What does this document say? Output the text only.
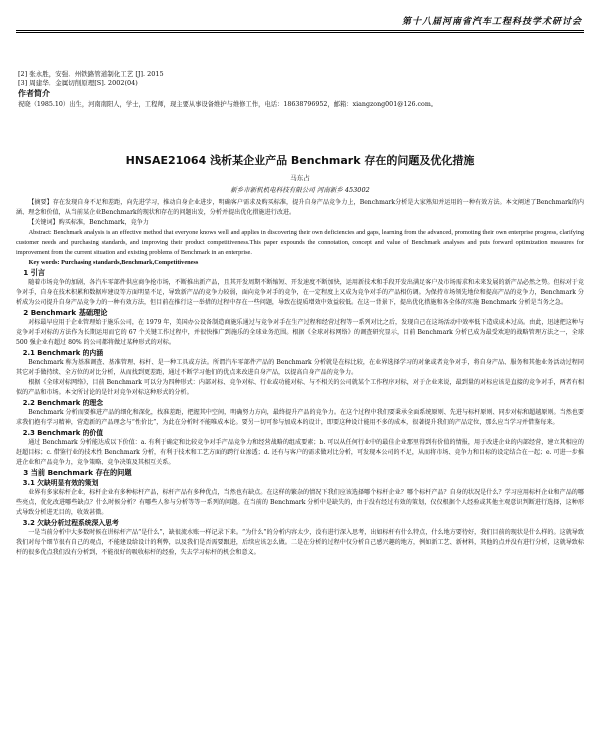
第十八届河南省汽车工程科技学术研讨会
[2] 张永胜，安强．州铁路管道制化工艺 [J]. 2015
[3] 周建华．金属切削原理[S]. 2002(04)
作者简介
祝晓（1985.10）出生，河南南阳人，学士，工程师，现主要从事设备维护与维修工作，电话：18638796952，邮箱：xiangzong001@126.com。
HNSAE21064 浅析某企业产品 Benchmark 存在的问题及优化措施
马东占
新乡市新机机电科技有限公司 河南新乡 453002

【摘要】存在发现自身不足和差距，向先进学习，推动自身企业进步，明确客户需求及购买标准，提升自身产品竞争力上，Benchmark分析是大家熟知并运用的一种有效方法。本文阐述了Benchmark的内涵、理念和价值，从当前某企业Benchmark的现状和存在的问题出发，分析并提出优化措施进行改进。

【关键词】购买标准，Benchmark，竞争力

Abstract: Benchmark analysis is an effective method that everyone knows well and applies in discovering their own deficiencies and gaps, learning from the advanced, promoting their own enterprise progress, clarifying customer needs and purchasing standards, and improving their product competitiveness.This paper expounds the connotation, concept and value of Benchmark analyses and puts forward optimization measures for improvement from the current situation and existing problems of Benchmark in an enterprise.

Key words: Purchasing standards,Benchmark,Competitiveness

1 引言

随着市场竞争的加剧，各汽车零部件供应商争抢市场，不断推出新产品，且其开发周期不断缩短、开发速度不断加快，运用新技术和手段开发出满足客户及市场需求和未来发展的新产品必然之势。但标对于竞争对手，自身在技术积累和数据库建设等方面明显不足，导致新产品的竞争力较弱，面向竞争对手的竞争，在一定程度上又成为竞争对手的产品相仿调。为保持市场领先地位和提高产品的竞争力，Benchmark 分析成为公司提升自身产品竞争力的一种有效方法，但目前在推行这一举措的过程中存在一些问题，导致在提质增效中效益较低。在这一背景下，提出优化措施和各全体的实施 Benchmark 分析是当务之急。

2 Benchmark 基础理论

对标最早应用于企业管理始于施乐公司，在 1979 年，美国办公设备制造商施乐通过与竞争对手在生产过程和经营过程等一系列对比之后，发现自己在这场活动中效率低下造成成本过高。由此，迅速把这种与竞争对手对标的方法作为长期运用而它的 67 个关键工作过程中，并很快推广到施乐的全球业务范围。根据《全球对标网络》的调查研究显示，目前 Benchmark 分析已成为最受欢迎的战略管理方法之一，全球 500 强企业有超过 80% 的公司都将做过某种形式的对标。

2.1 Benchmark 的内涵

Benchmark 称为基准调查、基准管理、标杆、是一种工具或方法。所谓汽车零部件产品的 Benchmark 分析就是在标比较，在业界选择学习的对象或者竞争对手，将自身产品、服务和其他业务活动过程同其它对手做持续、全方位的对比分析，从而找到更差距，通过不断学习他们的优点来改进自身产品，以提高自身产品的竞争力。

根据《全球对标网络》，目前 Benchmark 可以分为四种形式：内部对标、竞争对标、行业或功能对标、与不相关的公司就某个工作程序对标，对于企业来说，最到量的对标应该是直接的竞争对手，两者有相似的产品和市场。本文所讨论的是针对竞争对标这种形式的分析。

2.2 Benchmark 的理念

Benchmark 分析而要推进产品的细化和深化，找准差距，把握其中空间，明确努力方向，最终提升产品的竞争力。在这个过程中我们要秉承全面系统原则、先进与标杆原则、同步对标和超越原则。当然也要求我们抱有学习精神，营造新的产品理念与“性价比”，为此在分析时不能唯成本论。要另一切可参与加成本的设计，即要这种设计能用不多的成本，很著提升我们的产品定位，那么应当学习并借鉴每来。

2.3 Benchmark 的价值

通过 Benchmark 分析能达成以下价值：a. 有利于确定和比较竞争对手产品竞争力和经营战略的组成要素；b. 可以从任何行业中的最佳企业那里得到有价值的情报，用于改进企业的内部经营，建立其相应的赶超目标；c. 借鉴行业的技术性 Benchmark 分析，有利于技术和工艺方面的跨行业渗透；d. 还有与客户的需求做对比分析，可发现本公司的不足，从而将市场、竞争力和目标的设定结合在一起；e. 可进一步推进企业和产品竞争力，竞争策略、竞争决策及其相互关系。

3 当前 Benchmark 存在的问题
3.1 欠缺明显有效的策划

业界有多家标杆企业，标杆企业有多种标杆产品，标杆产品有多种优点，当然也有缺点。在这样的繁杂的情况下我们应该选择哪个标杆企业？哪个标杆产品？自身的状况是什么？学习应用标杆企业和产品的哪些亮点，优化改进哪些缺点？什么时候分析？有哪些人参与分析等等一系列的问题。在当前的 Benchmark 分析中是缺失的，由于没有经过有效的策划，仅仅根据个人经验或其他主观意识判断进行选择，这种形式导致分析进无目的，收效甚微。

3.2 欠缺分析过程系统深入思考

一是当前分析中大多数时候在讲标杆产品“是什么”，缺很流水账一样记录下来。“为什么”的分析内容太少，没有进行深入思考，出如标杆有什么特点，什么地方要待好，我们目前的现状是什么样的。这就导致我们对每个细节很有自己的观点，不能建设给设计的利弊，以及我们是否需要跟进，后续应该怎么做。二是在分析的过程中仅分析自己感兴趣的地方，例如新工艺、新材料，其他的点并没有进行分析，这就导致标杆的很多优点我们没有分析到，不能很好的吸收标杆的经验，失去学习标杆的机会和意义。
